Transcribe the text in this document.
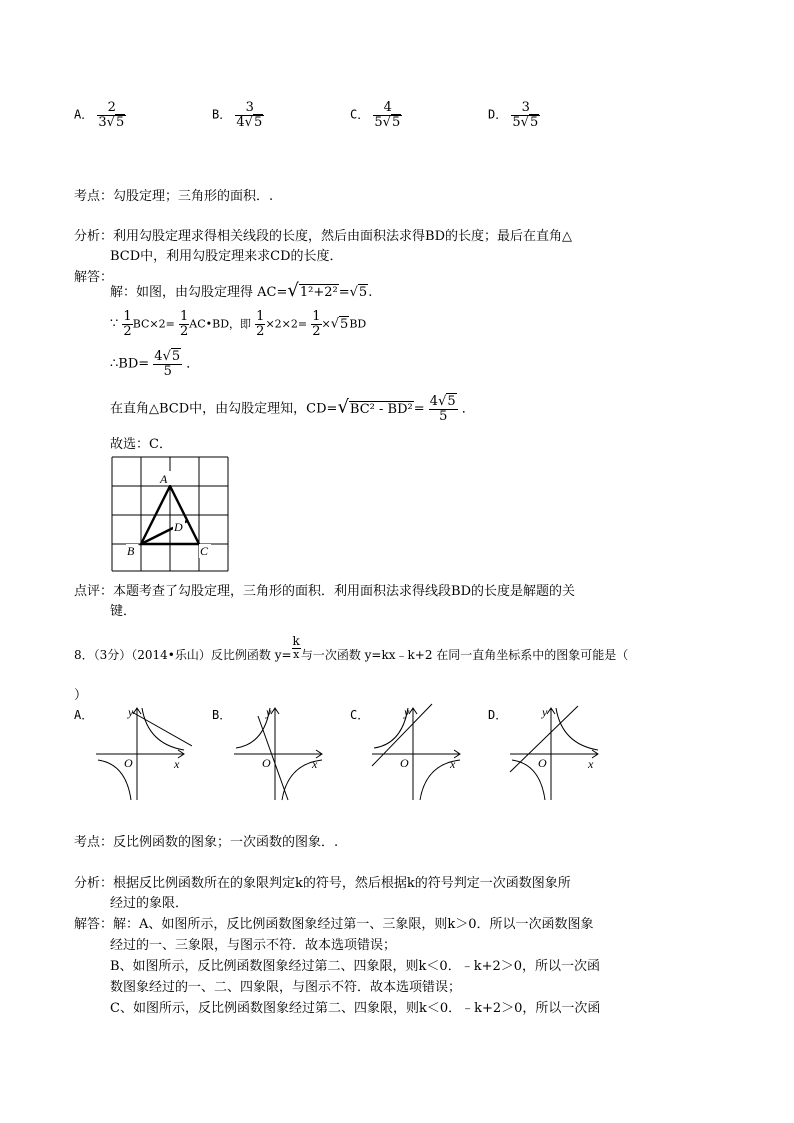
A． $\frac{2}{3√5}$	B． $\frac{3}{4√5}$	C． $\frac{4}{5√5}$	D． $\frac{3}{5√5}$
考点：勾股定理；三角形的面积．.
分析：利用勾股定理求得相关线段的长度，然后由面积法求得BD的长度；最后在直角△
BCD中，利用勾股定理来求CD的长度．
解答：
解：如图，由勾股定理得 AC=√1²+2²=√5.
∵ $\frac{1}{2} BC\times 2= \frac{1}{2}$ AC•BD，即 $\frac{1}{2} \times 2\times 2= \frac{1}{2} \times√5BD$
∴BD= $\frac{4√5}{5}$ ．
在直角△BCD中，由勾股定理知，$CD=√BC^2 - BD^2= \frac{4√5}{5}$ ．
故选：C．
A
B	C
D
点评：本题考查了勾股定理，三角形的面积．利用面积法求得线段BD的长度是解题的关
键．
8．（3分）（2014•乐山）反比例函数 $y= \frac{k}{x}$ 与一次函数 y=kx﹣k+2 在同一直角坐标系中的图象可能是（
）
A．	y
x
O
B．	y
x
O
C．	y
x
O
D．	y
x
O
考点：反比例函数的图象；一次函数的图象．.
分析：根据反比例函数所在的象限判定k的符号，然后根据k的符号判定一次函数图象所
经过的象限．
解答：解：A、如图所示，反比例函数图象经过第一、三象限，则k＞0．所以一次函数图象
经过的一、三象限，与图示不符．故本选项错误；
B、如图所示，反比例函数图象经过第二、四象限，则k＜0．﹣k+2＞0，所以一次函
数图象经过的一、二、四象限，与图示不符．故本选项错误；
C、如图所示，反比例函数图象经过第二、四象限，则k＜0．﹣k+2＞0，所以一次函
